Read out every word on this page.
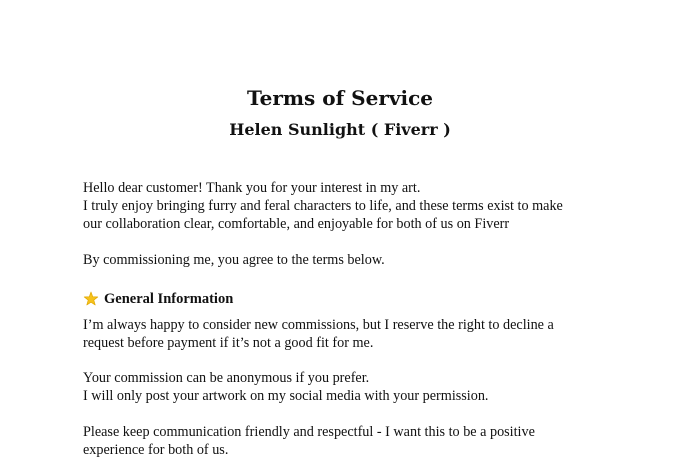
Terms of Service
Helen Sunlight ( Fiverr )
Hello dear customer! Thank you for your interest in my art.
I truly enjoy bringing furry and feral characters to life, and these terms exist to make
our collaboration clear, comfortable, and enjoyable for both of us on Fiverr
By commissioning me, you agree to the terms below.
General Information
I’m always happy to consider new commissions, but I reserve the right to decline a
request before payment if it’s not a good fit for me.
Your commission can be anonymous if you prefer.
I will only post your artwork on my social media with your permission.
Please keep communication friendly and respectful - I want this to be a positive
experience for both of us.
